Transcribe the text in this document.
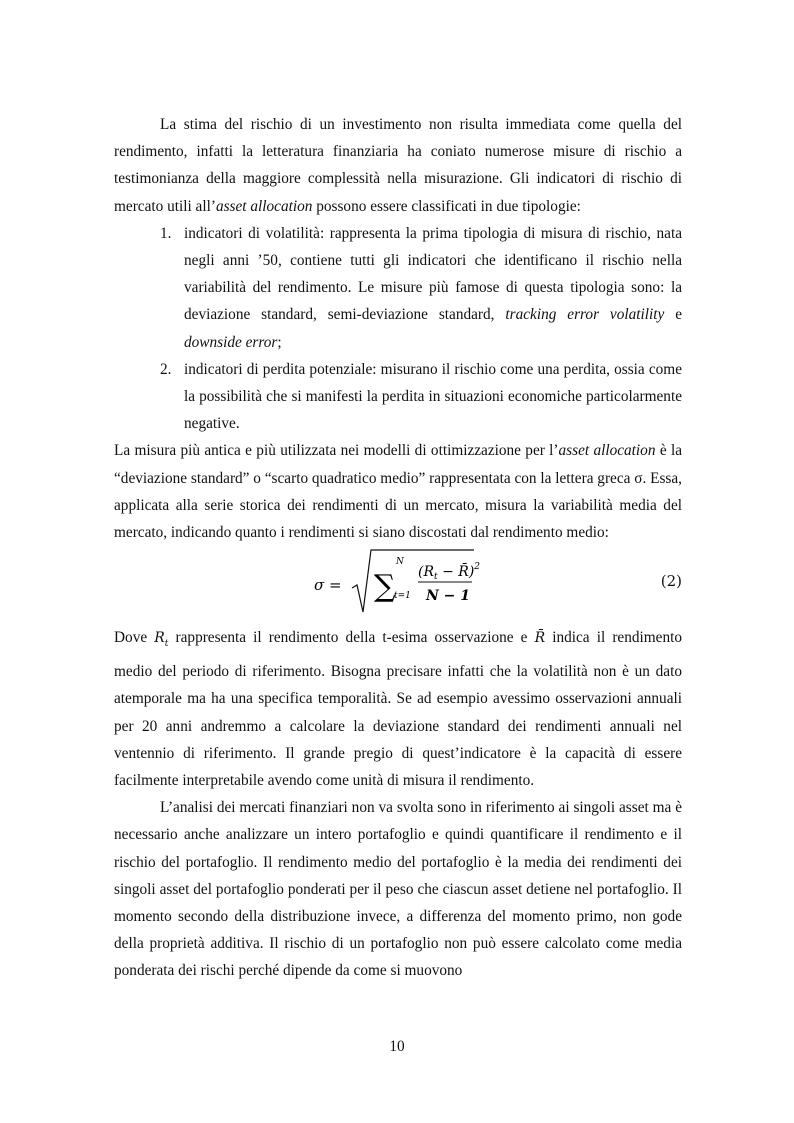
La stima del rischio di un investimento non risulta immediata come quella del rendimento, infatti la letteratura finanziaria ha coniato numerose misure di rischio a testimonianza della maggiore complessità nella misurazione. Gli indicatori di rischio di mercato utili all’asset allocation possono essere classificati in due tipologie:

1. indicatori di volatilità: rappresenta la prima tipologia di misura di rischio, nata negli anni ’50, contiene tutti gli indicatori che identificano il rischio nella variabilità del rendimento. Le misure più famose di questa tipologia sono: la deviazione standard, semi-deviazione standard, tracking error volatility e downside error;
2. indicatori di perdita potenziale: misurano il rischio come una perdita, ossia come la possibilità che si manifesti la perdita in situazioni economiche particolarmente negative.

La misura più antica e più utilizzata nei modelli di ottimizzazione per l’asset allocation è la “deviazione standard” o “scarto quadratico medio” rappresentata con la lettera greca σ. Essa, applicata alla serie storica dei rendimenti di un mercato, misura la variabilità media del mercato, indicando quanto i rendimenti si siano discostati dal rendimento medio:

σ = ∑
N
t=1
($R_t$ − R̄)$^2$
N − 1
(2)

Dove $R_t$ rappresenta il rendimento della t-esima osservazione e R̄ indica il rendimento medio del periodo di riferimento. Bisogna precisare infatti che la volatilità non è un dato atemporale ma ha una specifica temporalità. Se ad esempio avessimo osservazioni annuali per 20 anni andremmo a calcolare la deviazione standard dei rendimenti annuali nel ventennio di riferimento. Il grande pregio di quest’indicatore è la capacità di essere facilmente interpretabile avendo come unità di misura il rendimento.

L’analisi dei mercati finanziari non va svolta sono in riferimento ai singoli asset ma è necessario anche analizzare un intero portafoglio e quindi quantificare il rendimento e il rischio del portafoglio. Il rendimento medio del portafoglio è la media dei rendimenti dei singoli asset del portafoglio ponderati per il peso che ciascun asset detiene nel portafoglio. Il momento secondo della distribuzione invece, a differenza del momento primo, non gode della proprietà additiva. Il rischio di un portafoglio non può essere calcolato come media ponderata dei rischi perché dipende da come si muovono

10
